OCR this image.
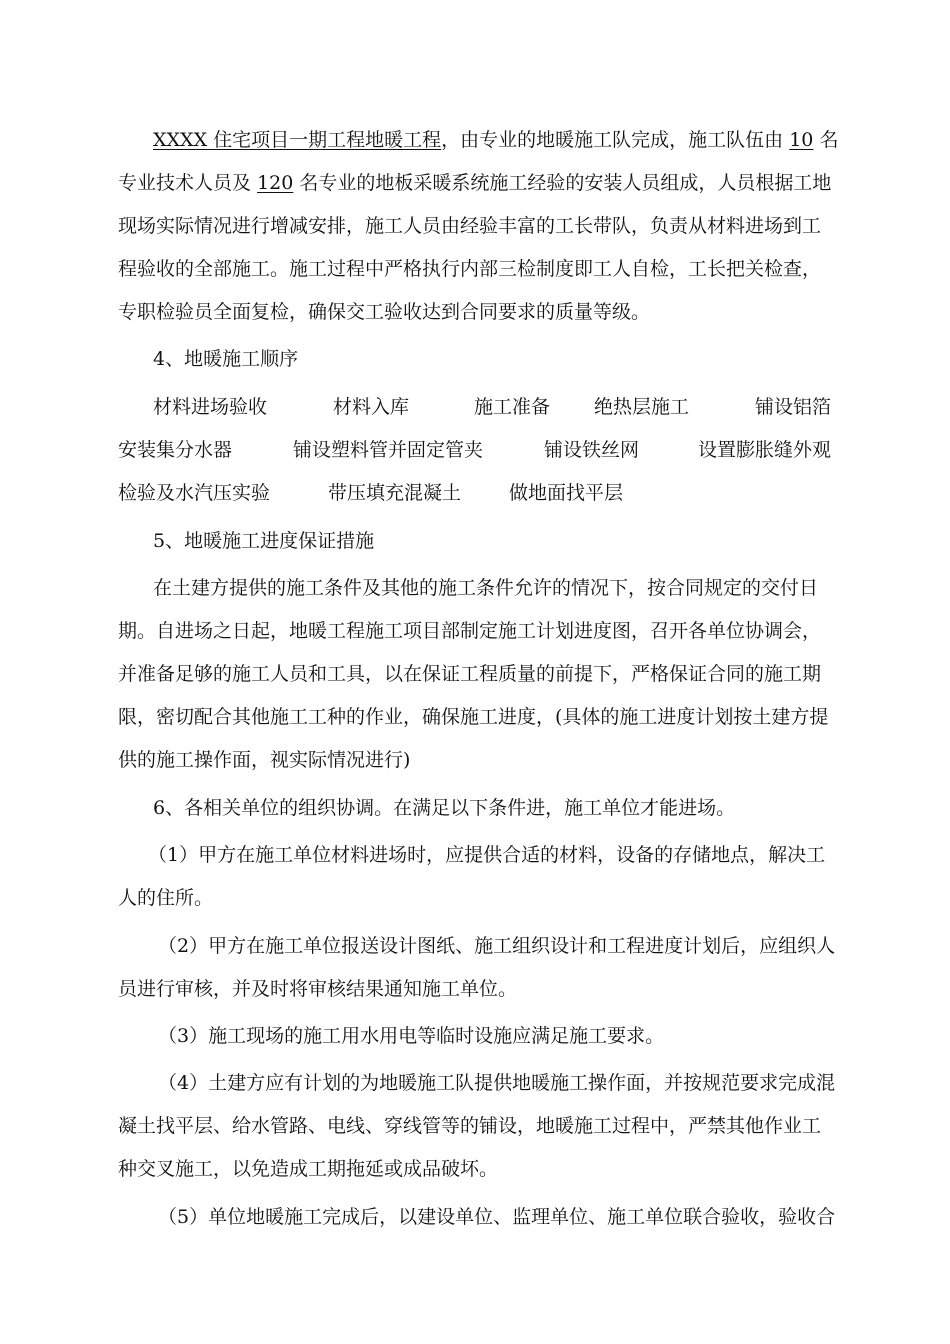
XXXX 住宅项目一期工程地暖工程，由专业的地暖施工队完成，施工队伍由 10 名
专业技术人员及 120 名专业的地板采暖系统施工经验的安装人员组成，人员根据工地
现场实际情况进行增减安排，施工人员由经验丰富的工长带队，负责从材料进场到工
程验收的全部施工。施工过程中严格执行内部三检制度即工人自检，工长把关检查，
专职检验员全面复检，确保交工验收达到合同要求的质量等级。
4、地暖施工顺序
材料进场验收	材料入库	施工准备 绝热层施工	铺设铝箔
安装集分水器	铺设塑料管并固定管夹	铺设铁丝网	设置膨胀缝外观
检验及水汽压实验	带压填充混凝土	做地面找平层
5、地暖施工进度保证措施
在土建方提供的施工条件及其他的施工条件允许的情况下，按合同规定的交付日
期。自进场之日起，地暖工程施工项目部制定施工计划进度图，召开各单位协调会，
并准备足够的施工人员和工具，以在保证工程质量的前提下，严格保证合同的施工期
限，密切配合其他施工工种的作业，确保施工进度，(具体的施工进度计划按土建方提
供的施工操作面，视实际情况进行)
6、各相关单位的组织协调。在满足以下条件进，施工单位才能进场。
（1）甲方在施工单位材料进场时，应提供合适的材料，设备的存储地点，解决工
人的住所。
（2）甲方在施工单位报送设计图纸、施工组织设计和工程进度计划后，应组织人
员进行审核，并及时将审核结果通知施工单位。
（3）施工现场的施工用水用电等临时设施应满足施工要求。
（4）土建方应有计划的为地暖施工队提供地暖施工操作面，并按规范要求完成混
凝土找平层、给水管路、电线、穿线管等的铺设，地暖施工过程中，严禁其他作业工
种交叉施工，以免造成工期拖延或成品破坏。
（5）单位地暖施工完成后，以建设单位、监理单位、施工单位联合验收，验收合
